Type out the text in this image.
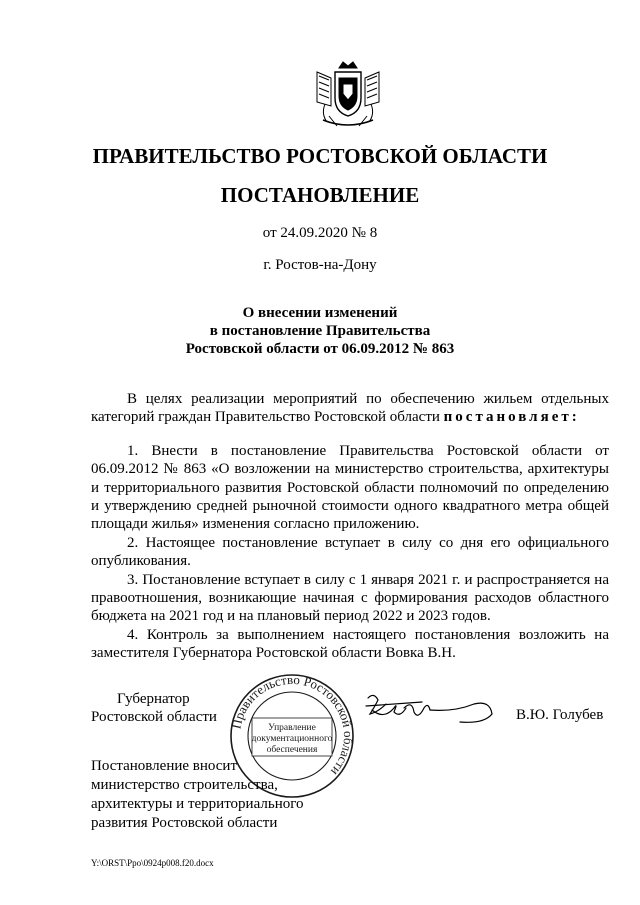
ПРАВИТЕЛЬСТВО РОСТОВСКОЙ ОБЛАСТИ
ПОСТАНОВЛЕНИЕ
от 24.09.2020 № 8
г. Ростов-на-Дону
О внесении изменений
в постановление Правительства
Ростовской области от 06.09.2012 № 863

В целях реализации мероприятий по обеспечению жильем отдельных категорий граждан Правительство Ростовской области постановляет:

1. Внести в постановление Правительства Ростовской области от 06.09.2012 № 863 «О возложении на министерство строительства, архитектуры и территориального развития Ростовской области полномочий по определению и утверждению средней рыночной стоимости одного квадратного метра общей площади жилья» изменения согласно приложению.

2. Настоящее постановление вступает в силу со дня его официального опубликования.

3. Постановление вступает в силу с 1 января 2021 г. и распространяется на правоотношения, возникающие начиная с формирования расходов областного бюджета на 2021 год и на плановый период 2022 и 2023 годов.

4. Контроль за выполнением настоящего постановления возложить на заместителя Губернатора Ростовской области Вовка В.Н.

Губернатор
Ростовской области Правительство Ростовской области
Управление
документационного
обеспечения
В.Ю. Голубев
Постановление вносит
министерство строительства,
архитектуры и территориального
развития Ростовской области
Y:\ORST\Ppo\0924p008.f20.docx
